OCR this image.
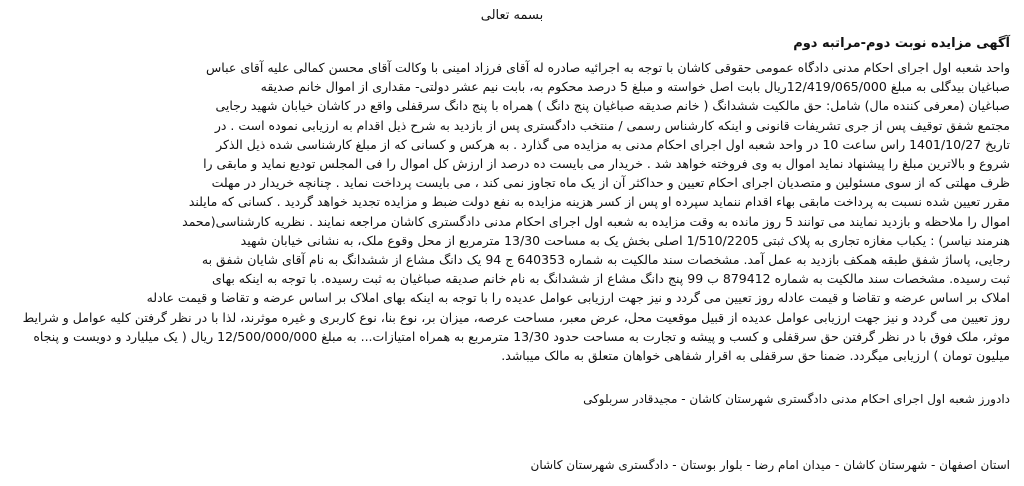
بسمه تعالی

آگهی مزایده نوبت دوم-مراتبه دوم

واحد شعبه اول اجرای احکام مدنی دادگاه عمومی حقوقی کاشان با توجه به اجرائیه صادره له آقای فرزاد امینی با وکالت آقای محسن کمالی علیه آقای عباس
صباغیان بیدگلی به مبلغ 12/419/065/000ریال بابت اصل خواسته و مبلغ 5 درصد محکوم به، بابت نیم عشر دولتی- مقداری از اموال خانم صدیقه
صباغیان (معرفی کننده مال) شامل: حق مالکیت ششدانگ ( خانم صدیقه صباغیان پنج دانگ ) همراه با پنج دانگ سرقفلی واقع در کاشان خیابان شهید رجایی
مجتمع شفق توقیف پس از جری تشریفات قانونی و اینکه کارشناس رسمی / منتخب دادگستری پس از بازدید به شرح ذیل اقدام به ارزیابی نموده است . در
تاریخ 1401/10/27 راس ساعت 10 در واحد شعبه اول اجرای احکام مدنی به مزایده می گذارد . به هرکس و کسانی که از مبلغ کارشناسی شده ذیل الذکر
شروع و بالاترین مبلغ را پیشنهاد نماید اموال به وی فروخته خواهد شد . خریدار می بایست ده درصد از ارزش کل اموال را فی المجلس تودیع نماید و مابقی را
ظرف مهلتی که از سوی مسئولین و متصدیان اجرای احکام تعیین و حداکثر آن از یک ماه تجاوز نمی کند ، می بایست پرداخت نماید . چنانچه خریدار در مهلت
مقرر تعیین شده نسبت به پرداخت مابقی بهاء اقدام ننماید سپرده او پس از کسر هزینه مزایده به نفع دولت ضبط و مزایده تجدید خواهد گردید . کسانی که مایلند
اموال را ملاحظه و بازدید نمایند می توانند 5 روز مانده به وقت مزایده به شعبه اول اجرای احکام مدنی دادگستری کاشان مراجعه نمایند . نظریه کارشناسی(محمد
هنرمند نیاسر) : یکباب مغازه تجاری به پلاک ثبتی 1/510/2205 اصلی بخش یک به مساحت 13/30 مترمربع از محل وقوع ملک، به نشانی خیابان شهید
رجایی، پاساژ شفق طبقه همکف بازدید به عمل آمد. مشخصات سند مالکیت به شماره 640353 ج 94 یک دانگ مشاع از ششدانگ به نام آقای شایان شفق به
ثبت رسیده. مشخصات سند مالکیت به شماره 879412 ب 99 پنج دانگ مشاع از ششدانگ به نام خانم صدیقه صباغیان به ثبت رسیده. با توجه به اینکه بهای
املاک بر اساس عرضه و تقاضا و قیمت عادله روز تعیین می گردد و نیز جهت ارزیابی عوامل عدیده را با توجه به اینکه بهای املاک بر اساس عرضه و تقاضا و قیمت عادله
روز تعیین می گردد و نیز جهت ارزیابی عوامل عدیده از قبیل موقعیت محل، عرض معبر، مساحت عرصه، میزان بر، نوع بنا، نوع کاربری و غیره موثرند، لذا با در نظر گرفتن کلیه عوامل و شرایط
موثر، ملک فوق با در نظر گرفتن حق سرقفلی و کسب و پیشه و تجارت به مساحت حدود 13/30 مترمربع به همراه امتیازات... به مبلغ 12/500/000/000 ریال ( یک میلیارد و دویست و پنجاه
میلیون تومان ) ارزیابی میگردد. ضمنا حق سرقفلی به اقرار شفاهی خواهان متعلق به مالک میباشد.

دادورز شعبه اول اجرای احکام مدنی دادگستری شهرستان کاشان - مجیدقادر سربلوکی

استان اصفهان - شهرستان کاشان - میدان امام رضا - بلوار بوستان - دادگستری شهرستان کاشان
